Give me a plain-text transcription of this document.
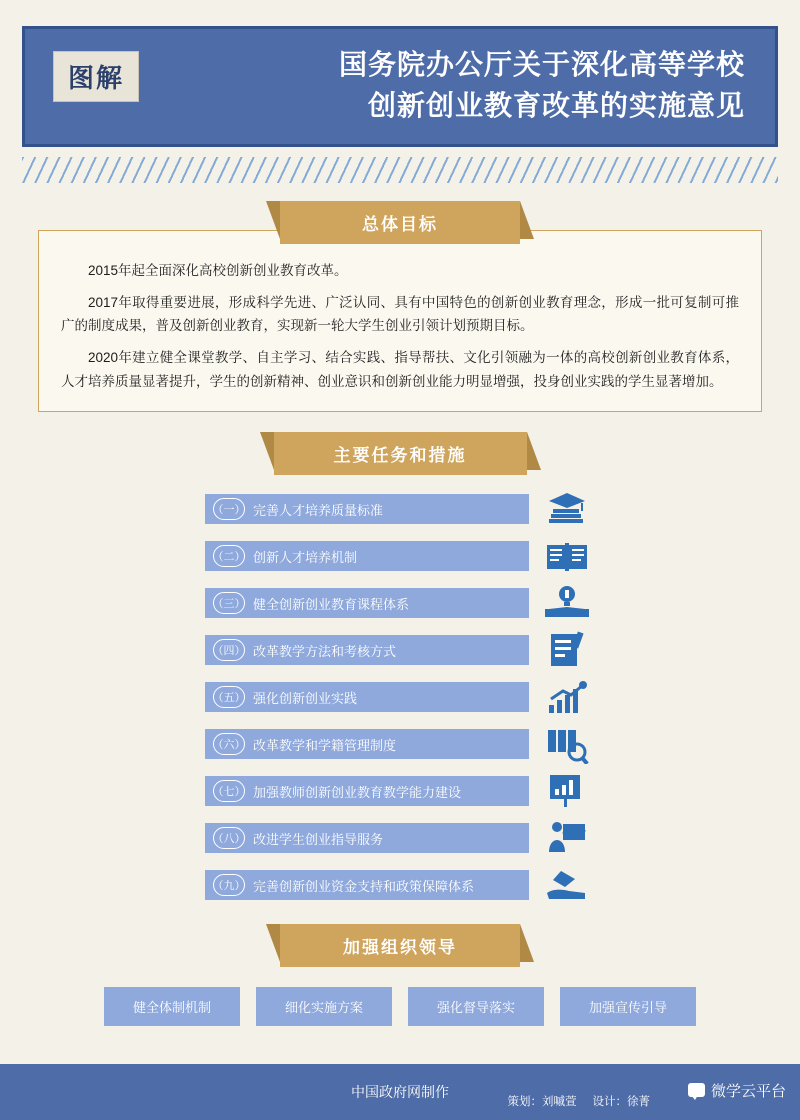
图解	国务院办公厅关于深化高等学校
创新创业教育改革的实施意见
总体目标

2015年起全面深化高校创新创业教育改革。

2017年取得重要进展，形成科学先进、广泛认同、具有中国特色的创新创业教育理念，形成一批可复制可推广的制度成果，普及创新创业教育，实现新一轮大学生创业引领计划预期目标。

2020年建立健全课堂教学、自主学习、结合实践、指导帮扶、文化引领融为一体的高校创新创业教育体系，人才培养质量显著提升，学生的创新精神、创业意识和创新创业能力明显增强，投身创业实践的学生显著增加。

主要任务和措施
（一） 完善人才培养质量标准
（二） 创新人才培养机制
（三） 健全创新创业教育课程体系
（四） 改革教学方法和考核方式
（五） 强化创新创业实践
（六） 改革教学和学籍管理制度
（七） 加强教师创新创业教育教学能力建设
（八） 改进学生创业指导服务
（九） 完善创新创业资金支持和政策保障体系
加强组织领导
健全体制机制	细化实施方案	强化督导落实	加强宣传引导
中国政府网制作
策划：刘嘁萱 设计：徐菁
微学云平台
